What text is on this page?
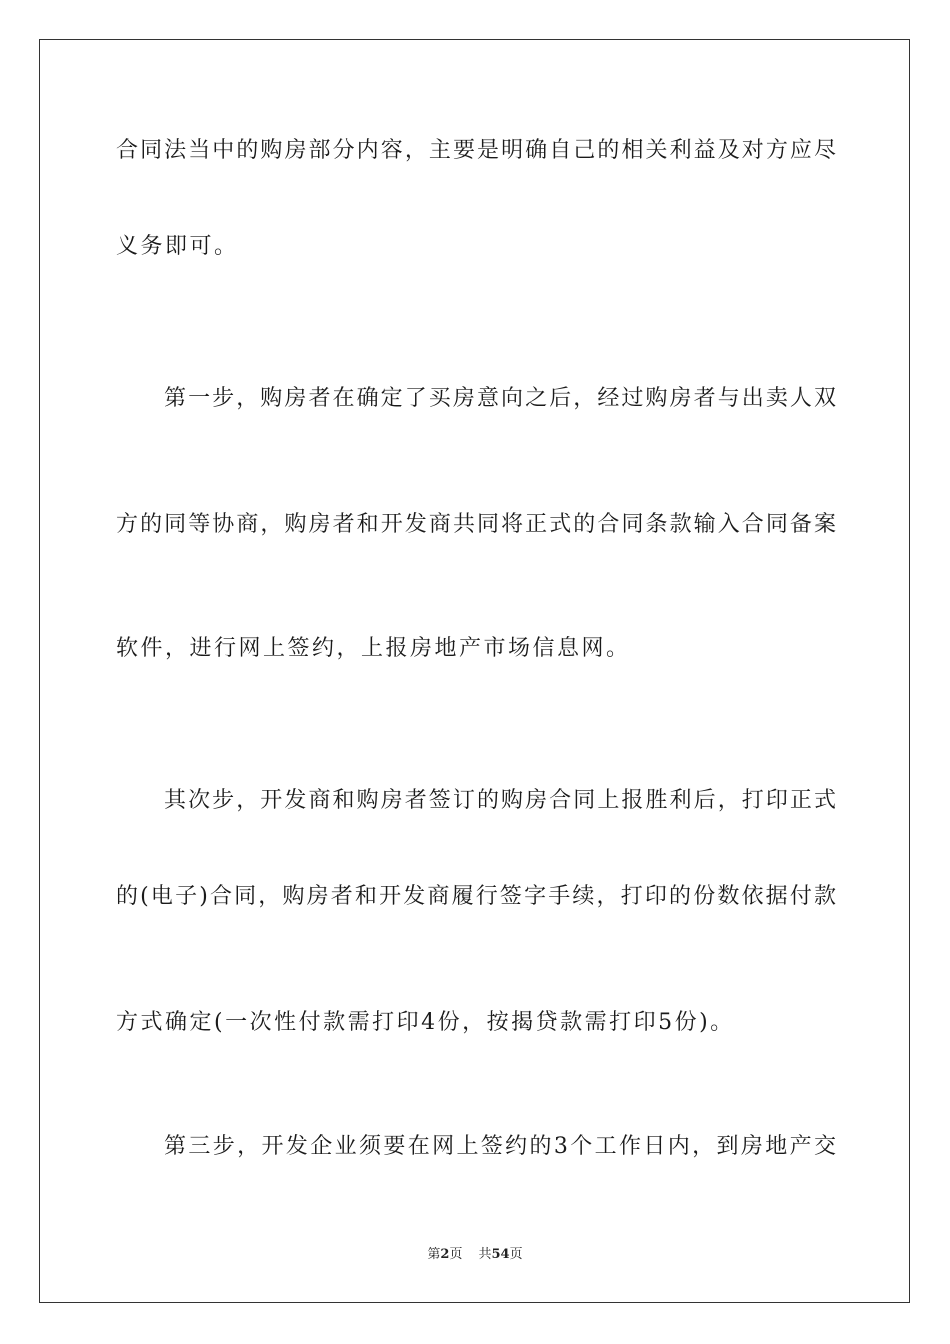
合同法当中的购房部分内容，主要是明确自己的相关利益及对方应尽
义务即可。
第一步，购房者在确定了买房意向之后，经过购房者与出卖人双
方的同等协商，购房者和开发商共同将正式的合同条款输入合同备案
软件，进行网上签约，上报房地产市场信息网。
其次步，开发商和购房者签订的购房合同上报胜利后，打印正式
的(电子)合同，购房者和开发商履行签字手续，打印的份数依据付款
方式确定(一次性付款需打印4份，按揭贷款需打印5份)。
第三步，开发企业须要在网上签约的3个工作日内，到房地产交
第2页 共54页
